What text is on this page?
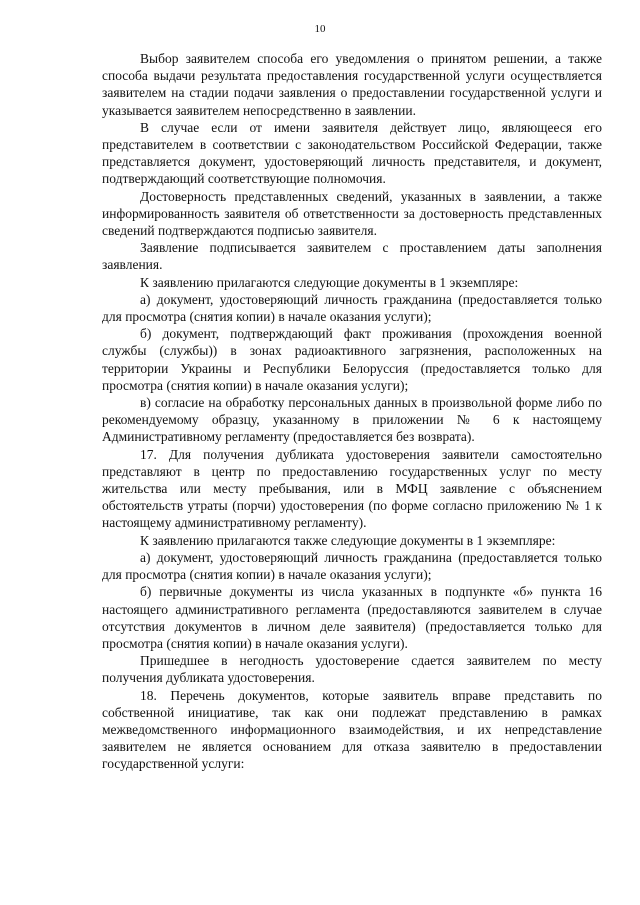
10

Выбор заявителем способа его уведомления о принятом решении, а также способа выдачи результата предоставления государственной услуги осуществляется заявителем на стадии подачи заявления о предоставлении государственной услуги и указывается заявителем непосредственно в заявлении.

В случае если от имени заявителя действует лицо, являющееся его представителем в соответствии с законодательством Российской Федерации, также представляется документ, удостоверяющий личность представителя, и документ, подтверждающий соответствующие полномочия.

Достоверность представленных сведений, указанных в заявлении, а также информированность заявителя об ответственности за достоверность представленных сведений подтверждаются подписью заявителя.

Заявление подписывается заявителем с проставлением даты заполнения заявления.

К заявлению прилагаются следующие документы в 1 экземпляре:

а) документ, удостоверяющий личность гражданина (предоставляется только для просмотра (снятия копии) в начале оказания услуги);

б) документ, подтверждающий факт проживания (прохождения военной службы (службы)) в зонах радиоактивного загрязнения, расположенных на территории Украины и Республики Белоруссия (предоставляется только для просмотра (снятия копии) в начале оказания услуги);

в) согласие на обработку персональных данных в произвольной форме либо по рекомендуемому образцу, указанному в приложении № 6 к настоящему Административному регламенту (предоставляется без возврата).

17. Для получения дубликата удостоверения заявители самостоятельно представляют в центр по предоставлению государственных услуг по месту жительства или месту пребывания, или в МФЦ заявление с объяснением обстоятельств утраты (порчи) удостоверения (по форме согласно приложению № 1 к настоящему административному регламенту).

К заявлению прилагаются также следующие документы в 1 экземпляре:

а) документ, удостоверяющий личность гражданина (предоставляется только для просмотра (снятия копии) в начале оказания услуги);

б) первичные документы из числа указанных в подпункте «б» пункта 16 настоящего административного регламента (предоставляются заявителем в случае отсутствия документов в личном деле заявителя) (предоставляется только для просмотра (снятия копии) в начале оказания услуги).

Пришедшее в негодность удостоверение сдается заявителем по месту получения дубликата удостоверения.

18. Перечень документов, которые заявитель вправе представить по собственной инициативе, так как они подлежат представлению в рамках межведомственного информационного взаимодействия, и их непредставление заявителем не является основанием для отказа заявителю в предоставлении государственной услуги:
